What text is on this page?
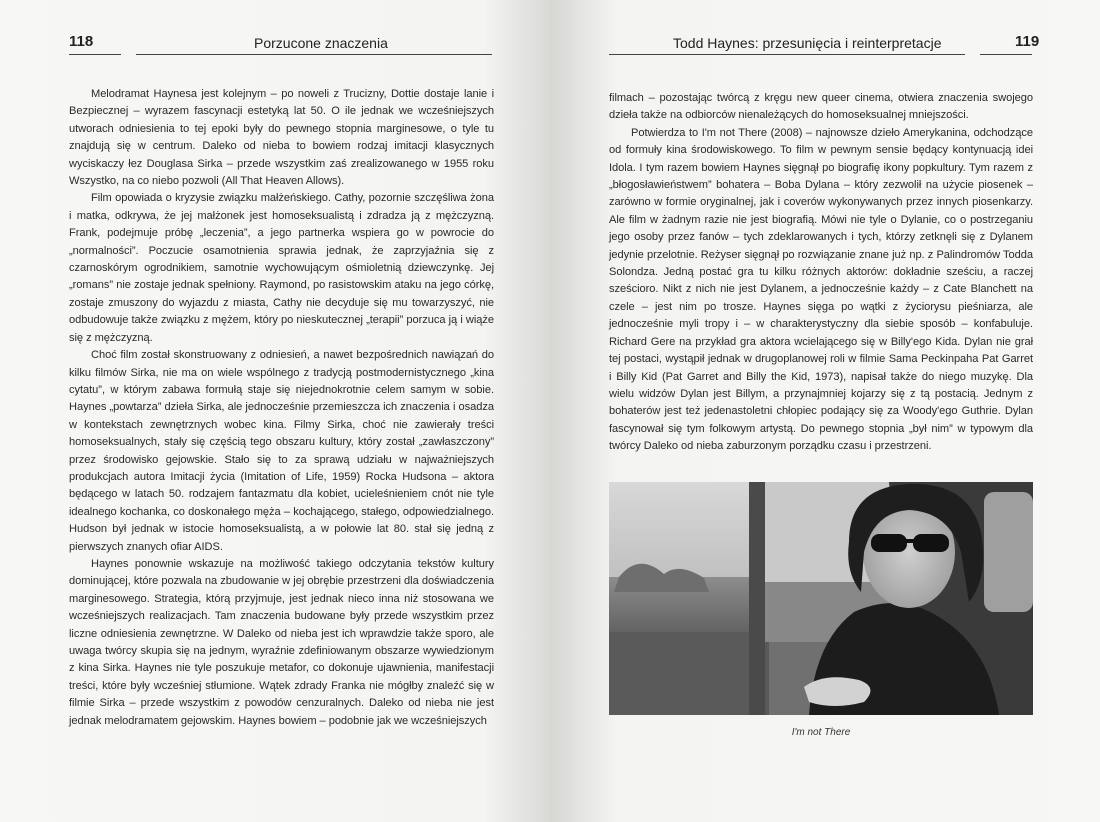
118	Porzucone znaczenia

Melodramat Haynesa jest kolejnym – po noweli z Trucizny, Dottie dostaje lanie i Bezpiecznej – wyrazem fascynacji estetyką lat 50. O ile jednak we wcześniejszych utworach odniesienia to tej epoki były do pewnego stopnia marginesowe, o tyle tu znajdują się w centrum. Daleko od nieba to bowiem rodzaj imitacji klasycznych wyciskaczy łez Douglasa Sirka – przede wszystkim zaś zrealizowanego w 1955 roku Wszystko, na co niebo pozwoli (All That Heaven Allows).

Film opowiada o kryzysie związku małżeńskiego. Cathy, pozornie szczęśliwa żona i matka, odkrywa, że jej małżonek jest homoseksualistą i zdradza ją z mężczyzną. Frank, podejmuje próbę „leczenia”, a jego partnerka wspiera go w powrocie do „normalności”. Poczucie osamotnienia sprawia jednak, że zaprzyjaźnia się z czarnoskórym ogrodnikiem, samotnie wychowującym ośmioletnią dziewczynkę. Jej „romans” nie zostaje jednak spełniony. Raymond, po rasistowskim ataku na jego córkę, zostaje zmuszony do wyjazdu z miasta, Cathy nie decyduje się mu towarzyszyć, nie odbudowuje także związku z mężem, który po nieskutecznej „terapii” porzuca ją i wiąże się z mężczyzną.

Choć film został skonstruowany z odniesień, a nawet bezpośrednich nawiązań do kilku filmów Sirka, nie ma on wiele wspólnego z tradycją postmodernistycznego „kina cytatu”, w którym zabawa formułą staje się niejednokrotnie celem samym w sobie. Haynes „powtarza” dzieła Sirka, ale jednocześnie przemieszcza ich znaczenia i osadza w kontekstach zewnętrznych wobec kina. Filmy Sirka, choć nie zawierały treści homoseksualnych, stały się częścią tego obszaru kultury, który został „zawłaszczony” przez środowisko gejowskie. Stało się to za sprawą udziału w najważniejszych produkcjach autora Imitacji życia (Imitation of Life, 1959) Rocka Hudsona – aktora będącego w latach 50. rodzajem fantazmatu dla kobiet, ucieleśnieniem cnót nie tyle idealnego kochanka, co doskonałego męża – kochającego, stałego, odpowiedzialnego. Hudson był jednak w istocie homoseksualistą, a w połowie lat 80. stał się jedną z pierwszych znanych ofiar AIDS.

Haynes ponownie wskazuje na możliwość takiego odczytania tekstów kultury dominującej, które pozwala na zbudowanie w jej obrębie przestrzeni dla doświadczenia marginesowego. Strategia, którą przyjmuje, jest jednak nieco inna niż stosowana we wcześniejszych realizacjach. Tam znaczenia budowane były przede wszystkim przez liczne odniesienia zewnętrzne. W Daleko od nieba jest ich wprawdzie także sporo, ale uwaga twórcy skupia się na jednym, wyraźnie zdefiniowanym obszarze wywiedzionym z kina Sirka. Haynes nie tyle poszukuje metafor, co dokonuje ujawnienia, manifestacji treści, które były wcześniej stłumione. Wątek zdrady Franka nie mógłby znaleźć się w filmie Sirka – przede wszystkim z powodów cenzuralnych. Daleko od nieba nie jest jednak melodramatem gejowskim. Haynes bowiem – podobnie jak we wcześniejszych

Todd Haynes: przesunięcia i reinterpretacje	119

filmach – pozostając twórcą z kręgu new queer cinema, otwiera znaczenia swojego dzieła także na odbiorców nienależących do homoseksualnej mniejszości.

Potwierdza to I'm not There (2008) – najnowsze dzieło Amerykanina, odchodzące od formuły kina środowiskowego. To film w pewnym sensie będący kontynuacją idei Idola. I tym razem bowiem Haynes sięgnął po biografię ikony popkultury. Tym razem z „błogosławieństwem” bohatera – Boba Dylana – który zezwolił na użycie piosenek – zarówno w formie oryginalnej, jak i coverów wykonywanych przez innych piosenkarzy. Ale film w żadnym razie nie jest biografią. Mówi nie tyle o Dylanie, co o postrzeganiu jego osoby przez fanów – tych zdeklarowanych i tych, którzy zetknęli się z Dylanem jedynie przelotnie. Reżyser sięgnął po rozwiązanie znane już np. z Palindromów Todda Solondza. Jedną postać gra tu kilku różnych aktorów: dokładnie sześciu, a raczej sześcioro. Nikt z nich nie jest Dylanem, a jednocześnie każdy – z Cate Blanchett na czele – jest nim po trosze. Haynes sięga po wątki z życiorysu pieśniarza, ale jednocześnie myli tropy i – w charakterystyczny dla siebie sposób – konfabuluje. Richard Gere na przykład gra aktora wcielającego się w Billy'ego Kida. Dylan nie grał tej postaci, wystąpił jednak w drugoplanowej roli w filmie Sama Peckinpaha Pat Garret i Billy Kid (Pat Garret and Billy the Kid, 1973), napisał także do niego muzykę. Dla wielu widzów Dylan jest Billym, a przynajmniej kojarzy się z tą postacią. Jednym z bohaterów jest też jedenastoletni chłopiec podający się za Woody'ego Guthrie. Dylan fascynował się tym folkowym artystą. Do pewnego stopnia „był nim” w typowym dla twórcy Daleko od nieba zaburzonym porządku czasu i przestrzeni.

I'm not There
